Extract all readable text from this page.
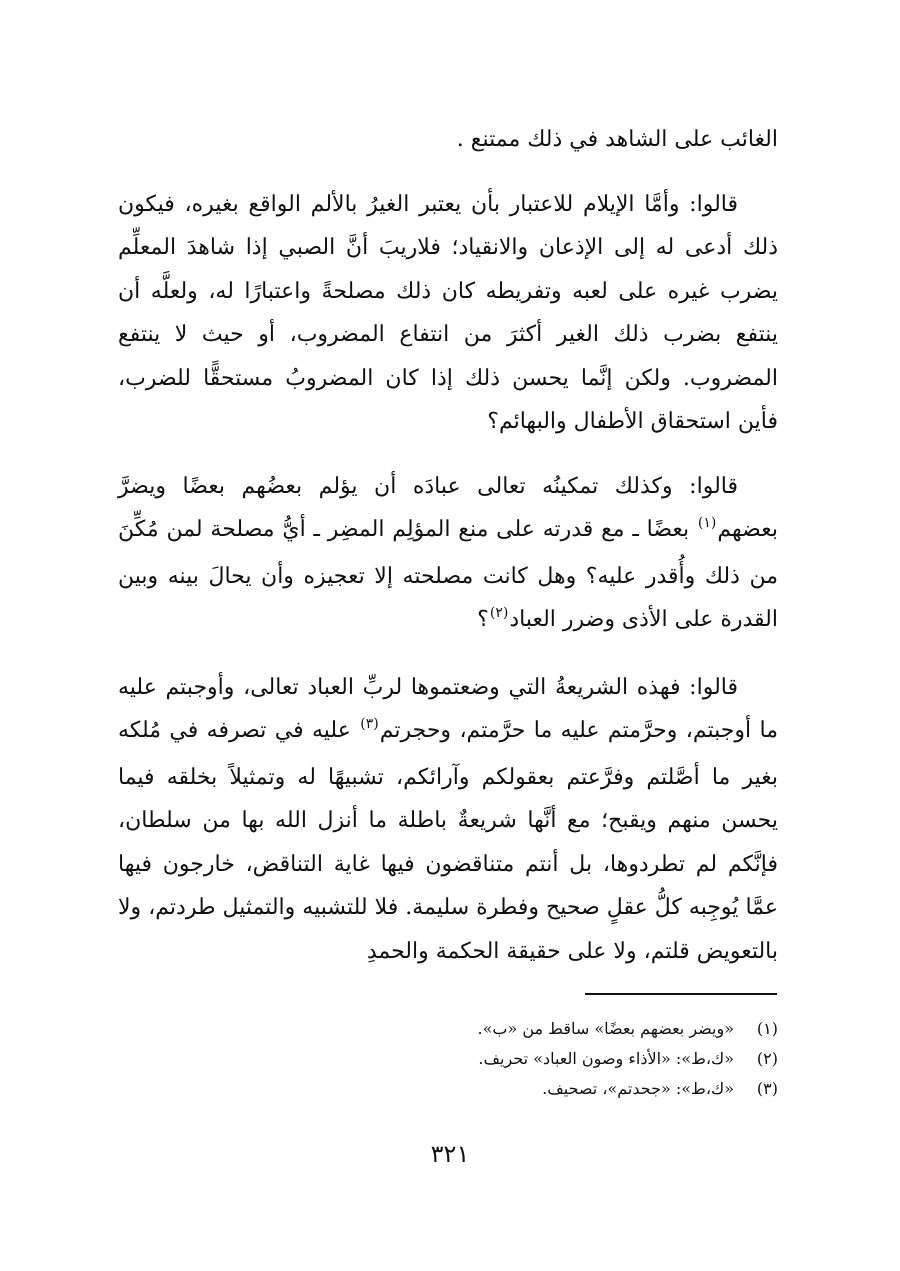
الغائب على الشاهد في ذلك ممتنع .

قالوا: وأمَّا الإيلام للاعتبار بأن يعتبر الغيرُ بالألم الواقع بغيره، فيكون ذلك أدعى له إلى الإذعان والانقياد؛ فلاريبَ أنَّ الصبي إذا شاهدَ المعلِّم يضرب غيره على لعبه وتفريطه كان ذلك مصلحةً واعتبارًا له، ولعلَّه أن ينتفع بضرب ذلك الغير أكثرَ من انتفاع المضروب، أو حيث لا ينتفع المضروب. ولكن إنَّما يحسن ذلك إذا كان المضروبُ مستحقًّا للضرب، فأين استحقاق الأطفال والبهائم؟

قالوا: وكذلك تمكينُه تعالى عبادَه أن يؤلم بعضُهم بعضًا ويضرَّ بعضهم$^{(١)}$ بعضًا ـ مع قدرته على منع المؤلِم المضِر ـ أيُّ مصلحة لمن مُكِّنَ من ذلك وأُقدر عليه؟ وهل كانت مصلحته إلا تعجيزه وأن يحالَ بينه وبين القدرة على الأذى وضرر العباد$^{(٢)}$؟

قالوا: فهذه الشريعةُ التي وضعتموها لربِّ العباد تعالى، وأوجبتم عليه ما أوجبتم، وحرَّمتم عليه ما حرَّمتم، وحجرتم$^{(٣)}$ عليه في تصرفه في مُلكه بغير ما أصَّلتم وفرَّعتم بعقولكم وآرائكم، تشبيهًا له وتمثيلاً بخلقه فيما يحسن منهم ويقبح؛ مع أنَّها شريعةٌ باطلة ما أنزل الله بها من سلطان، فإنَّكم لم تطردوها، بل أنتم متناقضون فيها غاية التناقض، خارجون فيها عمَّا يُوجِبه كلُّ عقلٍ صحيح وفطرة سليمة. فلا للتشبيه والتمثيل طردتم، ولا بالتعويض قلتم، ولا على حقيقة الحكمة والحمدِ

(١)
«ويضر بعضهم بعضًا» ساقط من «ب».
(٢)
«ك،ط»: «الأذاء وصون العباد» تحريف.
(٣)
«ك،ط»: «جحدتم»، تصحيف.
٣٢١
